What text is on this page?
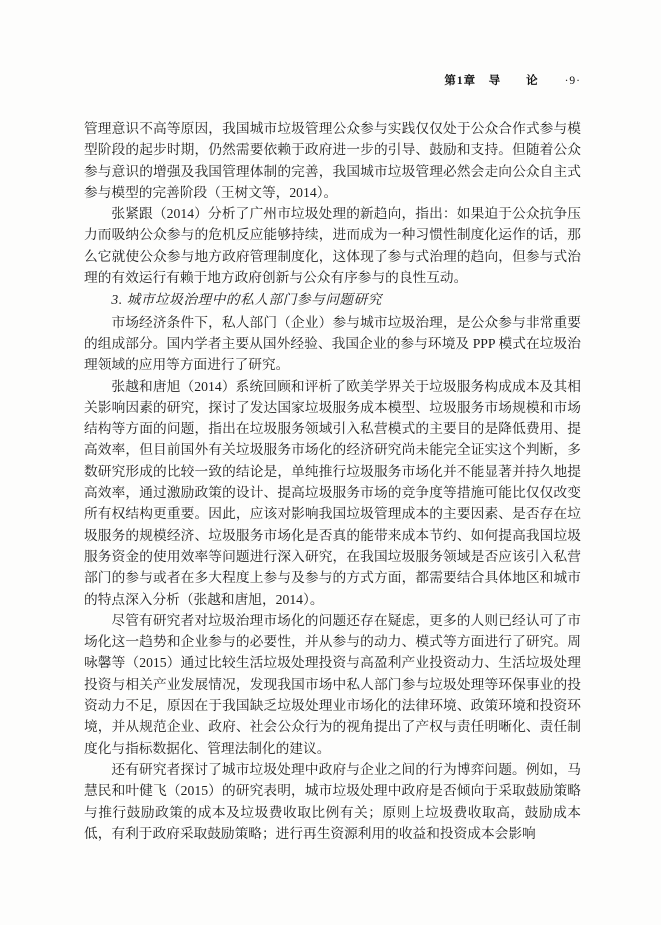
第1章　导　　论 ·9·

管理意识不高等原因，我国城市垃圾管理公众参与实践仅仅处于公众合作式参与模型阶段的起步时期，仍然需要依赖于政府进一步的引导、鼓励和支持。但随着公众参与意识的增强及我国管理体制的完善，我国城市垃圾管理必然会走向公众自主式参与模型的完善阶段（王树文等，2014）。

张紧跟（2014）分析了广州市垃圾处理的新趋向，指出：如果迫于公众抗争压力而吸纳公众参与的危机反应能够持续，进而成为一种习惯性制度化运作的话，那么它就使公众参与地方政府管理制度化，这体现了参与式治理的趋向，但参与式治理的有效运行有赖于地方政府创新与公众有序参与的良性互动。

3. 城市垃圾治理中的私人部门参与问题研究

市场经济条件下，私人部门（企业）参与城市垃圾治理，是公众参与非常重要的组成部分。国内学者主要从国外经验、我国企业的参与环境及 PPP 模式在垃圾治理领域的应用等方面进行了研究。

张越和唐旭（2014）系统回顾和评析了欧美学界关于垃圾服务构成成本及其相关影响因素的研究，探讨了发达国家垃圾服务成本模型、垃圾服务市场规模和市场结构等方面的问题，指出在垃圾服务领域引入私营模式的主要目的是降低费用、提高效率，但目前国外有关垃圾服务市场化的经济研究尚未能完全证实这个判断，多数研究形成的比较一致的结论是，单纯推行垃圾服务市场化并不能显著并持久地提高效率，通过激励政策的设计、提高垃圾服务市场的竞争度等措施可能比仅仅改变所有权结构更重要。因此，应该对影响我国垃圾管理成本的主要因素、是否存在垃圾服务的规模经济、垃圾服务市场化是否真的能带来成本节约、如何提高我国垃圾服务资金的使用效率等问题进行深入研究，在我国垃圾服务领域是否应该引入私营部门的参与或者在多大程度上参与及参与的方式方面，都需要结合具体地区和城市的特点深入分析（张越和唐旭，2014）。

尽管有研究者对垃圾治理市场化的问题还存在疑虑，更多的人则已经认可了市场化这一趋势和企业参与的必要性，并从参与的动力、模式等方面进行了研究。周咏馨等（2015）通过比较生活垃圾处理投资与高盈利产业投资动力、生活垃圾处理投资与相关产业发展情况，发现我国市场中私人部门参与垃圾处理等环保事业的投资动力不足，原因在于我国缺乏垃圾处理业市场化的法律环境、政策环境和投资环境，并从规范企业、政府、社会公众行为的视角提出了产权与责任明晰化、责任制度化与指标数据化、管理法制化的建议。

还有研究者探讨了城市垃圾处理中政府与企业之间的行为博弈问题。例如，马慧民和叶健飞（2015）的研究表明，城市垃圾处理中政府是否倾向于采取鼓励策略与推行鼓励政策的成本及垃圾费收取比例有关；原则上垃圾费收取高，鼓励成本低，有利于政府采取鼓励策略；进行再生资源利用的收益和投资成本会影响
